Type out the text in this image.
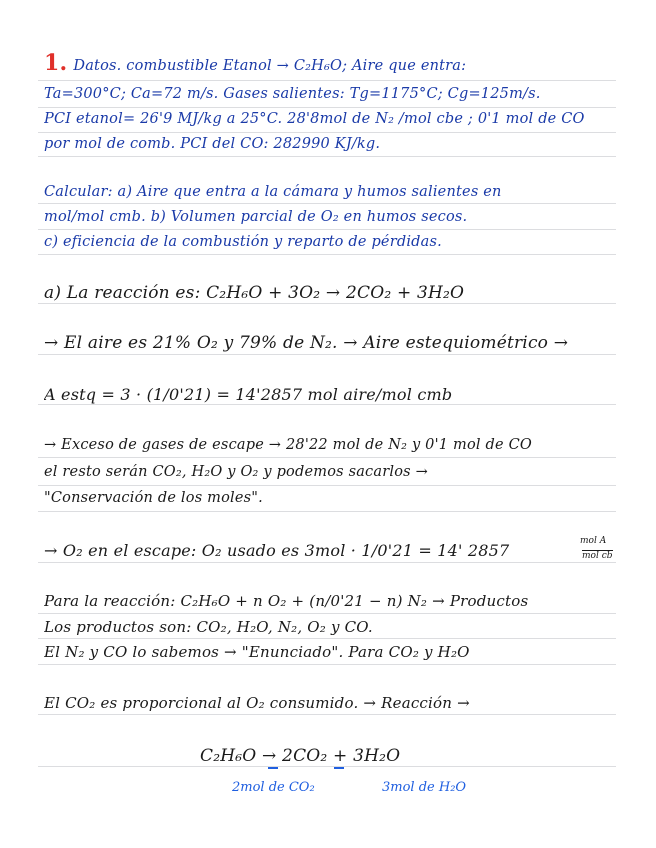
1. Datos. combustible Etanol → C₂H₆O; Aire que entra:
Ta=300°C; Ca=72 m/s. Gases salientes: Tg=1175°C; Cg=125m/s.
PCI etanol= 26'9 MJ/kg a 25°C. 28'8mol de N₂ /mol cbe ; 0'1 mol de CO
por mol de comb. PCI del CO: 282990 KJ/kg.
Calcular: a) Aire que entra a la cámara y humos salientes en
mol/mol cmb. b) Volumen parcial de O₂ en humos secos.
c) eficiencia de la combustión y reparto de pérdidas.
a) La reacción es: C₂H₆O + 3O₂ → 2CO₂ + 3H₂O
→ El aire es 21% O₂ y 79% de N₂. → Aire estequiométrico →
A estq = 3 · (1/0'21) = 14'2857 mol aire/mol cmb
→ Exceso de gases de escape → 28'22 mol de N₂ y 0'1 mol de CO
el resto serán CO₂, H₂O y O₂ y podemos sacarlos →
"Conservación de los moles".
→ O₂ en el escape: O₂ usado es 3mol · 1/0'21 = 14' 2857	mol A
mol cb
Para la reacción: C₂H₆O + n O₂ + (n/0'21 − n) N₂ → Productos
Los productos son: CO₂, H₂O, N₂, O₂ y CO.
El N₂ y CO lo sabemos → "Enunciado". Para CO₂ y H₂O
El CO₂ es proporcional al O₂ consumido. → Reacción →
C₂H₆O → 2CO₂ + 3H₂O
2mol de CO₂	3mol de H₂O
